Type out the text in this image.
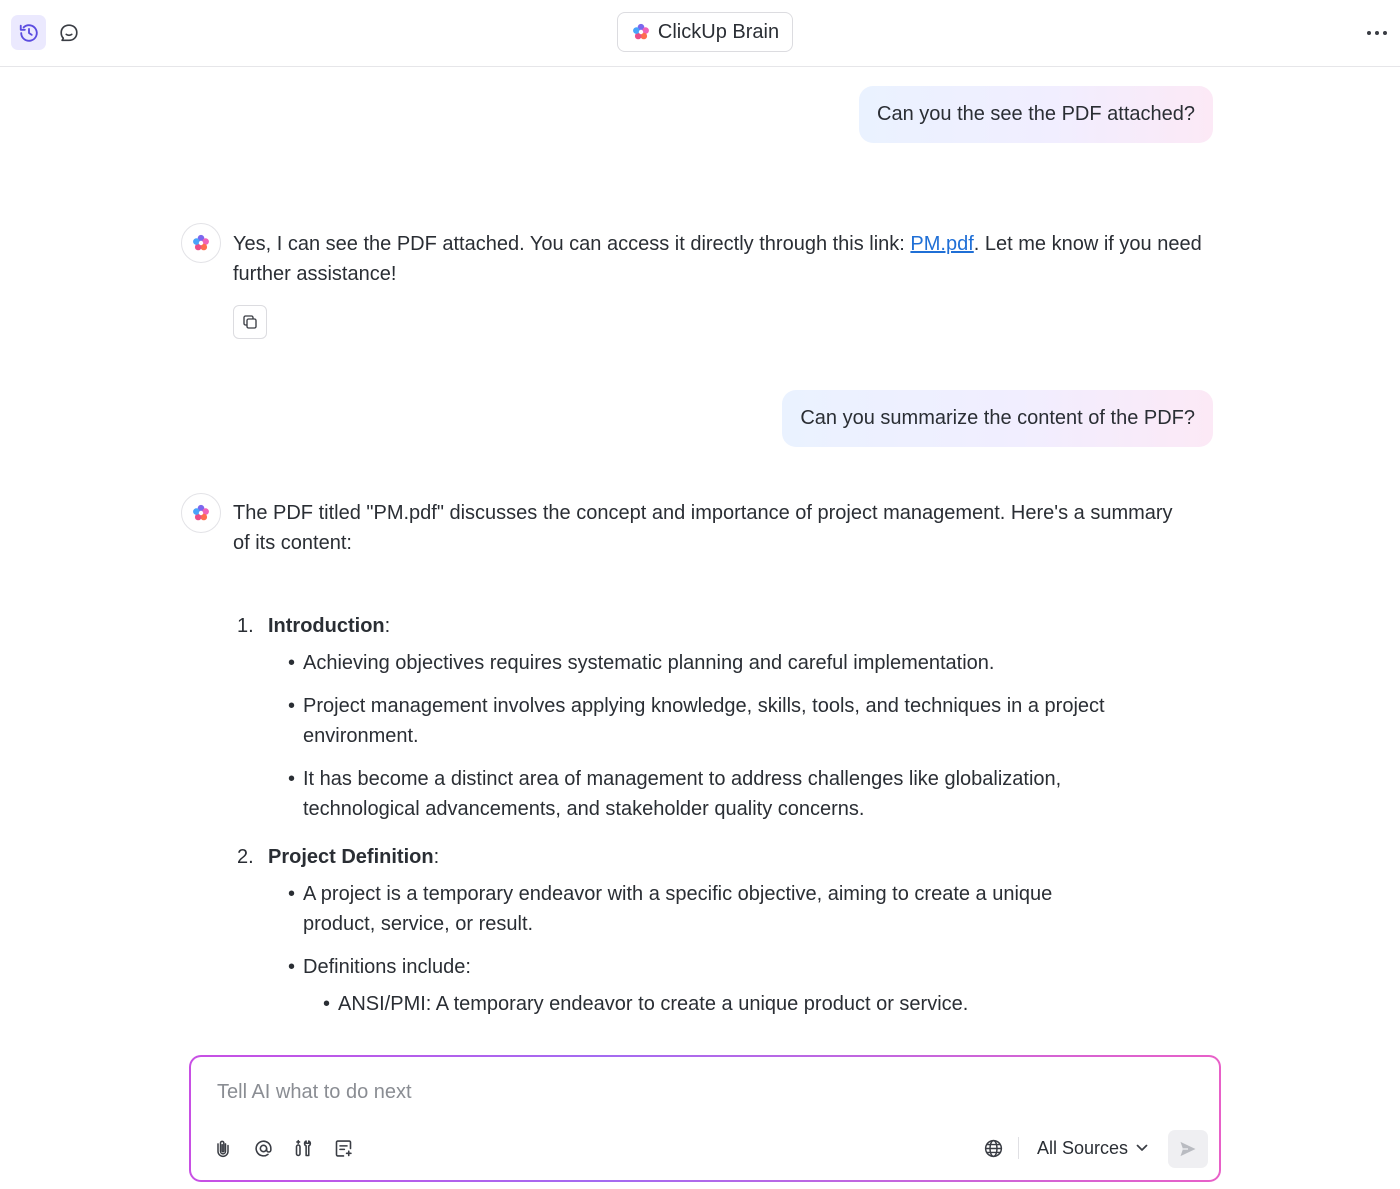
ClickUp Brain
Can you the see the PDF attached?
Yes, I can see the PDF attached. You can access it directly through this link: PM.pdf. Let me know if you need further assistance!
Can you summarize the content of the PDF?
The PDF titled "PM.pdf" discusses the concept and importance of project management. Here's a summary of its content:
1. Introduction:
• Achieving objectives requires systematic planning and careful implementation.
• Project management involves applying knowledge, skills, tools, and techniques in a project
environment.
• It has become a distinct area of management to address challenges like globalization,
technological advancements, and stakeholder quality concerns.
2. Project Definition:
• A project is a temporary endeavor with a specific objective, aiming to create a unique
product, service, or result.
• Definitions include:
• ANSI/PMI: A temporary endeavor to create a unique product or service.
Tell AI what to do next
All Sources
